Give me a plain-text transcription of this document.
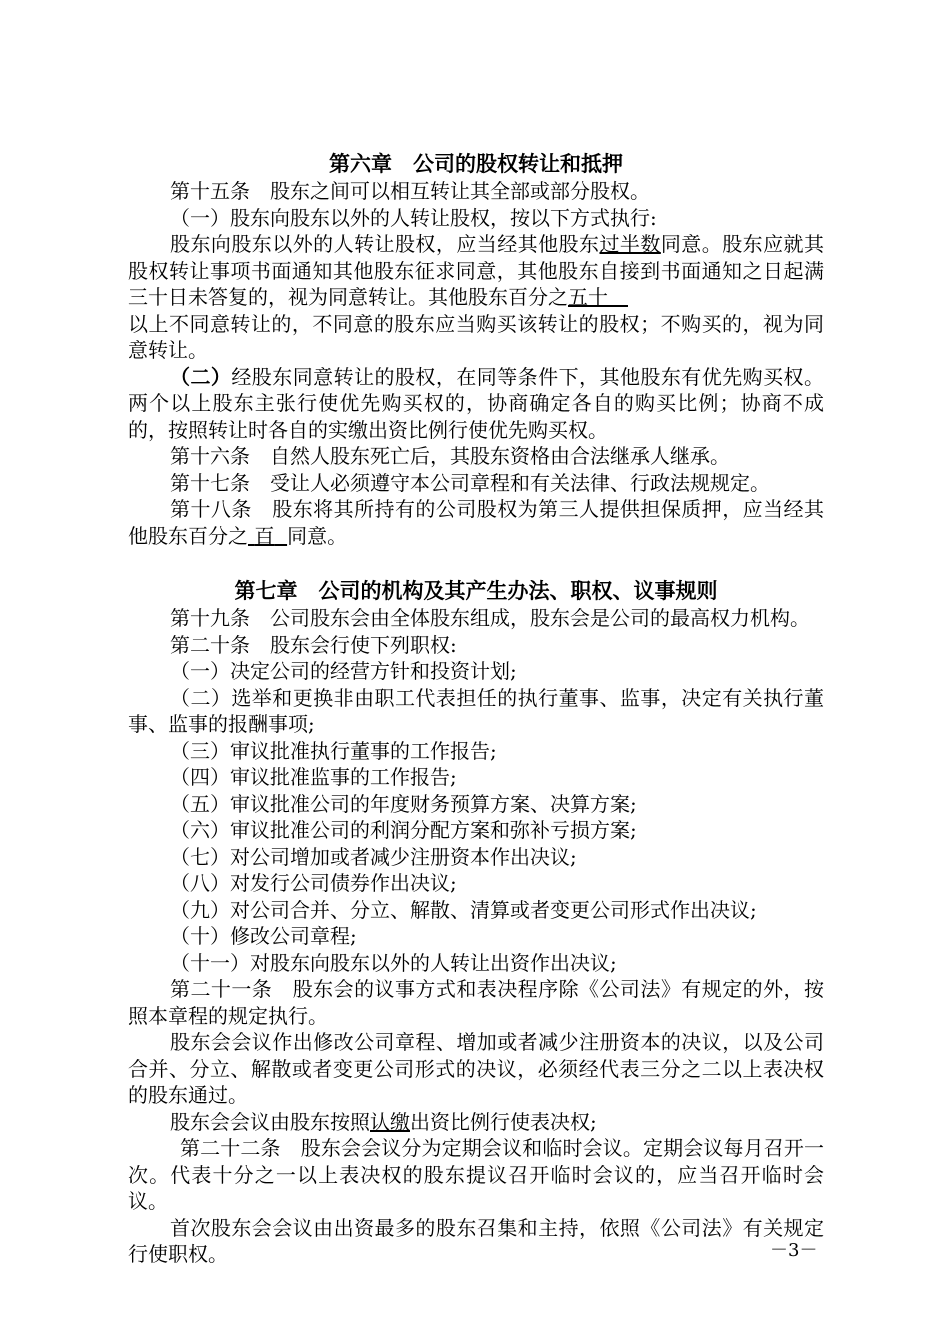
第六章　公司的股权转让和抵押

第十五条　股东之间可以相互转让其全部或部分股权。

（一）股东向股东以外的人转让股权，按以下方式执行:

股东向股东以外的人转让股权，应当经其他股东过半数同意。股东应就其股权转让事项书面通知其他股东征求同意，其他股东自接到书面通知之日起满三十日未答复的，视为同意转让。其他股东百分之五十　

以上不同意转让的，不同意的股东应当购买该转让的股权；不购买的，视为同意转让。

（二）经股东同意转让的股权，在同等条件下，其他股东有优先购买权。两个以上股东主张行使优先购买权的，协商确定各自的购买比例；协商不成的，按照转让时各自的实缴出资比例行使优先购买权。

第十六条　自然人股东死亡后，其股东资格由合法继承人继承。

第十七条　受让人必须遵守本公司章程和有关法律、行政法规规定。

第十八条　股东将其所持有的公司股权为第三人提供担保质押，应当经其他股东百分之 百 同意。

第七章　公司的机构及其产生办法、职权、议事规则

第十九条　公司股东会由全体股东组成，股东会是公司的最高权力机构。

第二十条　股东会行使下列职权:

（一）决定公司的经营方针和投资计划;

（二）选举和更换非由职工代表担任的执行董事、监事，决定有关执行董事、监事的报酬事项;

（三）审议批准执行董事的工作报告;

（四）审议批准监事的工作报告;

（五）审议批准公司的年度财务预算方案、决算方案;

（六）审议批准公司的利润分配方案和弥补亏损方案;

（七）对公司增加或者减少注册资本作出决议;

（八）对发行公司债券作出决议;

（九）对公司合并、分立、解散、清算或者变更公司形式作出决议;

（十）修改公司章程;

（十一）对股东向股东以外的人转让出资作出决议;

第二十一条　股东会的议事方式和表决程序除《公司法》有规定的外，按照本章程的规定执行。

股东会会议作出修改公司章程、增加或者减少注册资本的决议，以及公司合并、分立、解散或者变更公司形式的决议，必须经代表三分之二以上表决权的股东通过。

股东会会议由股东按照认缴出资比例行使表决权;

第二十二条　股东会会议分为定期会议和临时会议。定期会议每月召开一次。代表十分之一以上表决权的股东提议召开临时会议的，应当召开临时会议。

首次股东会会议由出资最多的股东召集和主持，依照《公司法》有关规定行使职权。	－3－
